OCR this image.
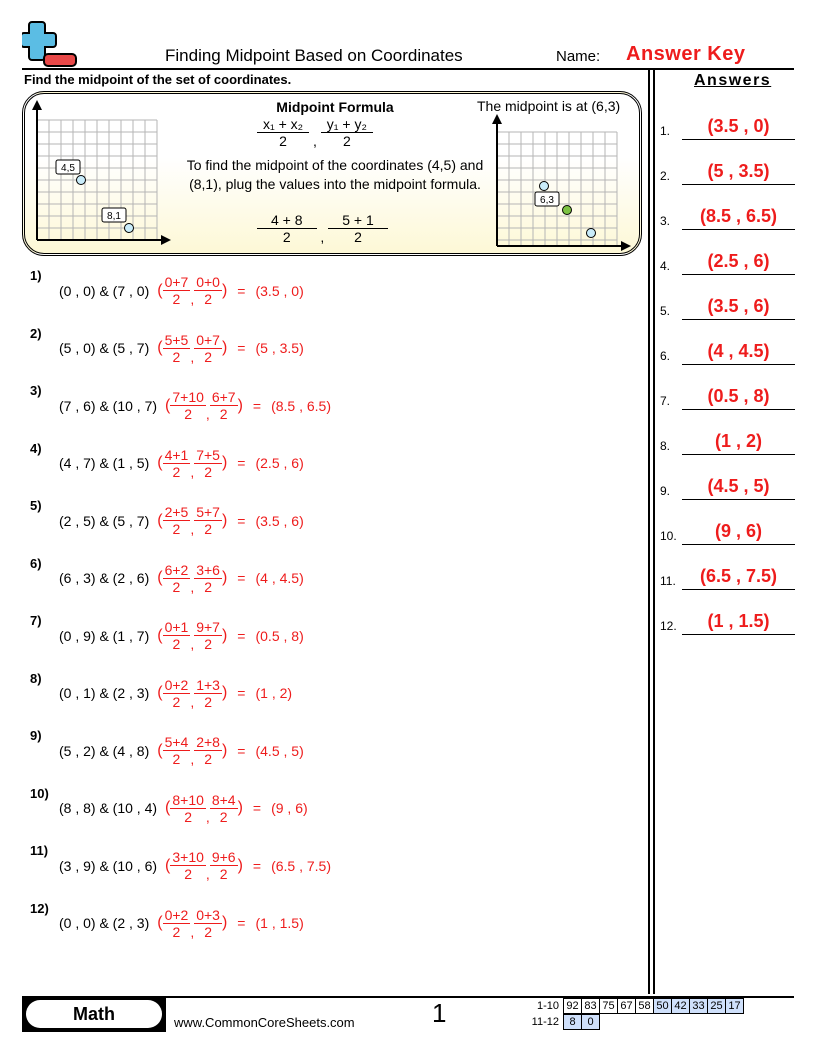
Finding Midpoint Based on Coordinates	Name: Answer Key
Find the midpoint of the set of coordinates.	Answers
4,5
8,1
Midpoint Formula
$\frac{\text{x₁ + x₂}}{2}$ , $\frac{\text{y₁ + y₂}}{2}$
To find the midpoint of the coordinates (4,5) and (8,1), plug the values into the midpoint formula.
$\frac{4 + 8}{2}$ , $\frac{5 + 1}{2}$
The midpoint is at (6,3)
6,3
1)
(0 , 0) & (7 , 0) ( 0+7
2 ,
0+0
2
) = (3.5 , 0)
2)
(5 , 0) & (5 , 7) ( 5+5
2 ,
0+7
2
) = (5 , 3.5)
3)
(7 , 6) & (10 , 7) ( 7+10
2 ,
6+7
2
) = (8.5 , 6.5)
4)
(4 , 7) & (1 , 5) ( 4+1
2 ,
7+5
2
) = (2.5 , 6)
5)
(2 , 5) & (5 , 7) ( 2+5
2 ,
5+7
2
) = (3.5 , 6)
6)
(6 , 3) & (2 , 6) ( 6+2
2 ,
3+6
2
) = (4 , 4.5)
7)
(0 , 9) & (1 , 7) ( 0+1
2 ,
9+7
2
) = (0.5 , 8)
8)
(0 , 1) & (2 , 3) ( 0+2
2 ,
1+3
2
) = (1 , 2)
9)
(5 , 2) & (4 , 8) ( 5+4
2 ,
2+8
2
) = (4.5 , 5)
10)
(8 , 8) & (10 , 4) ( 8+10
2 ,
8+4
2
) = (9 , 6)
11)
(3 , 9) & (10 , 6) ( 3+10
2 ,
9+6
2
) = (6.5 , 7.5)
12)
(0 , 0) & (2 , 3) ( 0+2
2 ,
0+3
2
) = (1 , 1.5)
1.	(3.5 , 0)
2.	(5 , 3.5)
3.	(8.5 , 6.5)
4.	(2.5 , 6)
5.	(3.5 , 6)
6.	(4 , 4.5)
7.	(0.5 , 8)
8.	(1 , 2)
9.	(4.5 , 5)
10.	(9 , 6)
11.	(6.5 , 7.5)
12.	(1 , 1.5)
Math	www.CommonCoreSheets.com	1	1-10 92	83	75	67	58	50	42	33	25	17
11-12 8	0
